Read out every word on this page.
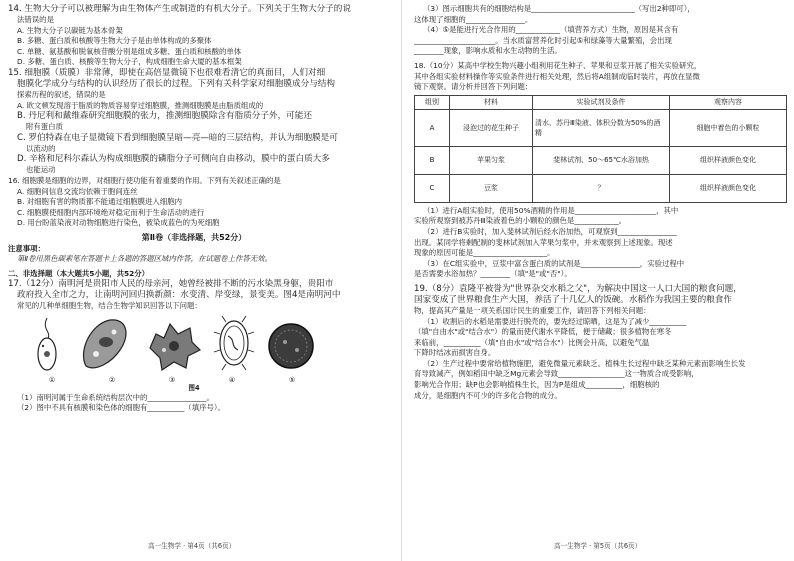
14. 生物大分子可以被理解为由生物体产生或制造的有机大分子。下列关于生物大分子的说

法错误的是

A. 生物大分子以碳链为基本骨架

B. 多糖、蛋白质和核酸等生物大分子是由单体构成的多聚体

C. 单糖、氨基酸和脱氧核苷酸分别是组成多糖、蛋白质和核酸的单体

D. 多糖、蛋白质、核酸等生物大分子，构成细胞生命大厦的基本框架

15. 细胞膜（质膜）非常薄，即使在高倍显微镜下也很难看清它的真面目，人们对细

胞膜化学成分与结构的认识经历了很长的过程。下列有关科学家对细胞膜成分与结构

探索历程的叙述，错误的是

A. 欧文顿发现溶于脂质的物质容易穿过细胞膜，推测细胞膜是由脂质组成的

B. 丹尼利和戴维森研究细胞膜的张力，推测细胞膜除含有脂质分子外，可能还

附有蛋白质

C. 罗伯特森在电子显微镜下看到细胞膜呈暗—亮—暗的三层结构，并认为细胞膜是可

以流动的

D. 辛格和尼科尔森认为构成细胞膜的磷脂分子可侧向自由移动，膜中的蛋白质大多

也能运动

16. 细胞膜是细胞的边界，对细胞行使功能有着重要的作用。下列有关叙述正确的是

A. 细胞间信息交流均依赖于胞间连丝

B. 对细胞有害的物质都不能通过细胞膜进入细胞内

C. 细胞膜使细胞内部环境绝对稳定而利于生命活动的进行

D. 用台盼蓝染液对动物细胞进行染色，被染成蓝色的为死细胞

第Ⅱ卷（非选择题，共52分）

注意事项：

第Ⅱ卷用黑色碳素笔在答题卡上各题的答题区域内作答，在试题卷上作答无效。

二、非选择题（本大题共5小题，共52分）

17.（12分）南明河是贵阳市人民的母亲河，她曾经被排不断的污水染黑身躯，贵阳市

政府投入全市之力，让南明河回归换新颜：水变清、岸变绿，景变美。图4是南明河中

常见的几种单细胞生物，结合生物学知识回答以下问题：

①	②	③	④	⑤

图4

（1）南明河属于生命系统结构层次中的________________。

（2）图中不具有核膜和染色体的细胞有__________（填序号）。

高一生物学 · 第4页（共6页）

（3）图示细胞共有的细胞结构是____________________________（写出2种即可），

这体现了细胞的________________。

（4）⑤是能进行光合作用的____________（填营养方式）生物，原因是其含有

______________________。当水质富营养化时引起⑤和绿藻等大量繁殖，会出现

________现象，影响水质和水生动物的生活。

18.（10分）某高中学校生物兴趣小组利用花生种子、苹果和豆浆开展了相关实验研究，

其中各组实验材料操作等实验条件进行相关处理，然后将A组制成临时装片，再放在显微

镜下观察。请分析并回答下列问题：

组别	材料	实验试剂及条件	观察内容
A	浸泡过的花生种子	清水、苏丹Ⅲ染液、体积分数为50%的酒精	细胞中着色的小颗粒
B	苹果匀浆	斐林试剂、50～65℃水浴加热	组织样液颜色变化
C	豆浆	？	组织样液颜色变化

（1）进行A组实验时，使用50%酒精的作用是______________________，其中

实验所观察到被苏丹Ⅲ染液着色的小颗粒的颜色是____________。

（2）进行B实验时，加入斐林试剂后经水浴加热，可观察到________________

出现。某同学将剩配制的斐林试剂加入苹果匀浆中，并未观察到上述现象。现述

现象的原因可能是____________________。

（3）在C组实验中，豆浆中富含蛋白质的试剂是________________，实验过程中

是否需要水浴加热？________（填"是"或"否"）。

19.（8分）袁隆平被誉为"世界杂交水稻之父"，为解决中国这一人口大国的粮食问题，

国家变成了世界粮食生产大国，养活了十几亿人的饭碗。水稻作为我国主要的粮食作

物，提高其产量是一项关系国计民生的重要工作，请回答下列相关问题：

（1）收割后的水稻是需要进行脱壳的，要先经过晾晒，这是为了减少__________

（填"自由水"或"结合水"）的量而使代谢水平降低，便于储藏；很多植物在寒冬

来临前，__________（填"自由水"或"结合水"）比例会升高，以避免气温

下降时结冰而损害自身。

（2）生产过程中要常给植物施肥，避免微量元素缺乏。植株生长过程中缺乏某种元素而影响生长发

育导致减产，例如稻田中缺乏Mg元素会导致__________________这一物质合成受影响，

影响光合作用；缺P也会影响植株生长，因为P是组成__________，细胞核的

成分，是细胞内不可少的许多化合物的成分。

高一生物学 · 第5页（共6页）
